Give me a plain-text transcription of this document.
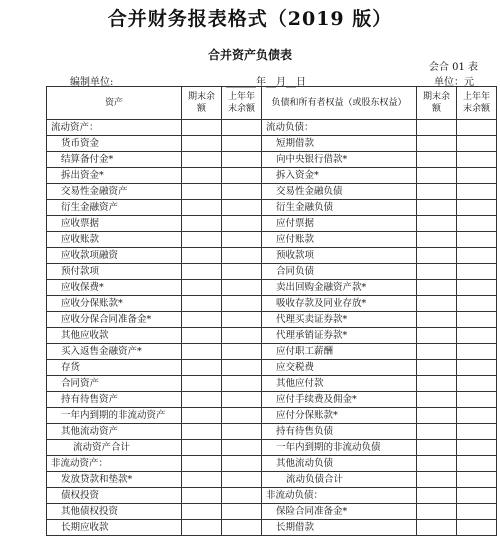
合并财务报表格式（2019 版）
合并资产负债表
会合 01 表
编制单位:	______年__月__日	单位：元
资产	期末余额	上年年末余额	负债和所有者权益（或股东权益）	期末余额	上年年末余额
流动资产：			流动负债：		
货币资金			短期借款		
结算备付金*			向中央银行借款*		
拆出资金*			拆入资金*		
交易性金融资产			交易性金融负债		
衍生金融资产			衍生金融负债		
应收票据			应付票据		
应收账款			应付账款		
应收款项融资			预收款项		
预付款项			合同负债		
应收保费*			卖出回购金融资产款*		
应收分保账款*			吸收存款及同业存放*		
应收分保合同准备金*			代理买卖证券款*		
其他应收款			代理承销证券款*		
买入返售金融资产*			应付职工薪酬		
存货			应交税费		
合同资产			其他应付款		
持有待售资产			应付手续费及佣金*		
一年内到期的非流动资产			应付分保账款*		
其他流动资产			持有待售负债		
流动资产合计			一年内到期的非流动负债		
非流动资产：			其他流动负债		
发放贷款和垫款*			流动负债合计		
债权投资			非流动负债：		
其他债权投资			保险合同准备金*		
长期应收款			长期借款		
